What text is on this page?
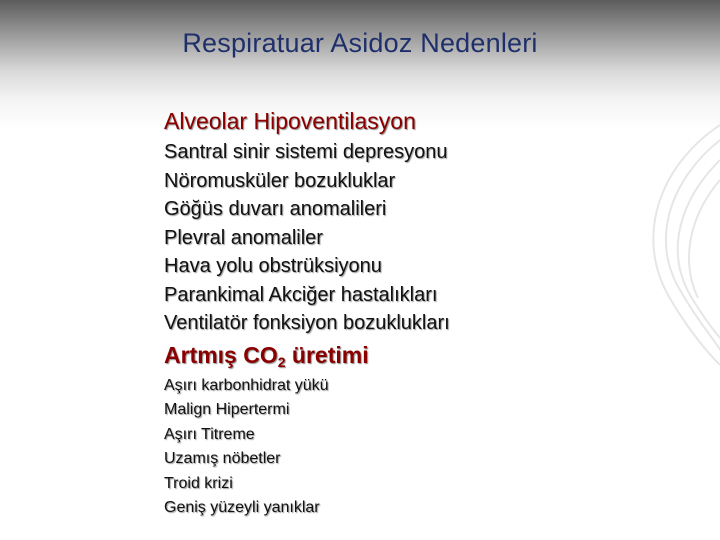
Respiratuar Asidoz Nedenleri
Alveolar Hipoventilasyon
Santral sinir sistemi depresyonu
Nöromusküler bozukluklar
Göğüs duvarı anomalileri
Plevral anomaliler
Hava yolu obstrüksiyonu
Parankimal Akciğer hastalıkları
Ventilatör fonksiyon bozuklukları
Artmış $CO_2$ üretimi
Aşırı karbonhidrat yükü
Malign Hipertermi
Aşırı Titreme
Uzamış nöbetler
Troid krizi
Geniş yüzeyli yanıklar
